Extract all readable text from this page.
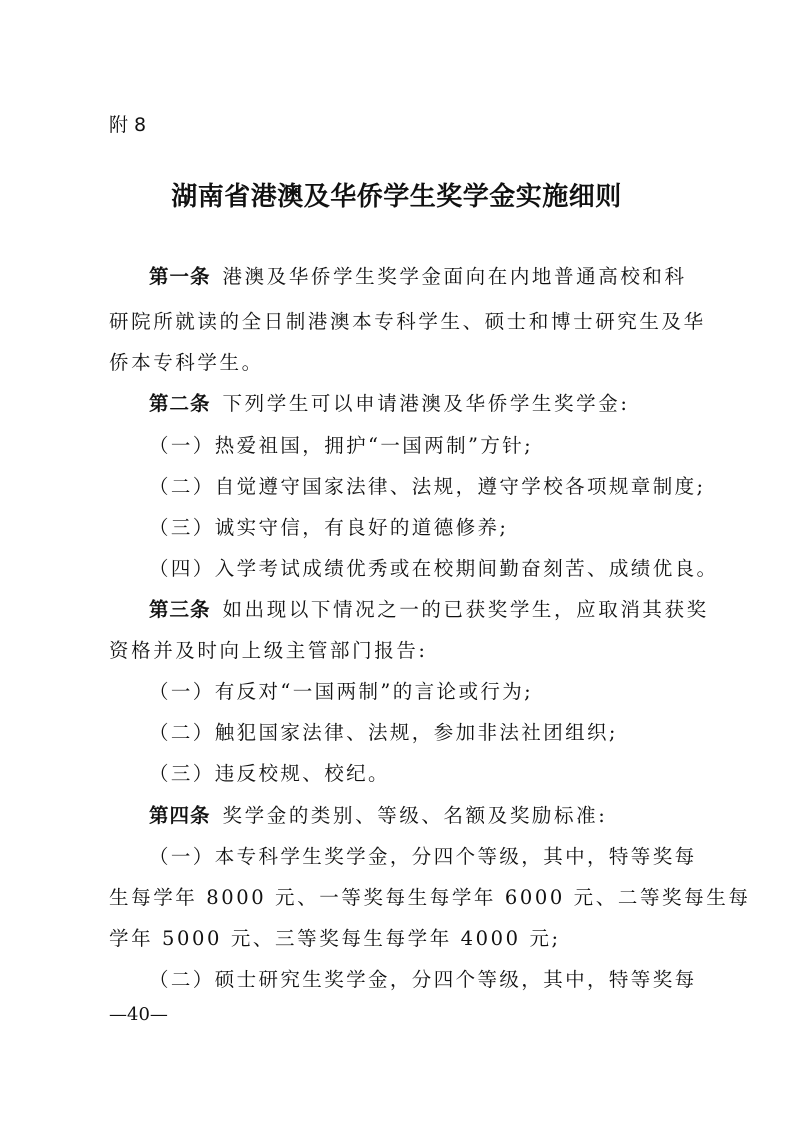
附 8
湖南省港澳及华侨学生奖学金实施细则
第一条 港澳及华侨学生奖学金面向在内地普通高校和科
研院所就读的全日制港澳本专科学生、硕士和博士研究生及华
侨本专科学生。
第二条 下列学生可以申请港澳及华侨学生奖学金:
（一）热爱祖国，拥护“一国两制”方针;
（二）自觉遵守国家法律、法规，遵守学校各项规章制度;
（三）诚实守信，有良好的道德修养;
（四）入学考试成绩优秀或在校期间勤奋刻苦、成绩优良。
第三条 如出现以下情况之一的已获奖学生，应取消其获奖
资格并及时向上级主管部门报告:
（一）有反对“一国两制”的言论或行为;
（二）触犯国家法律、法规，参加非法社团组织;
（三）违反校规、校纪。
第四条 奖学金的类别、等级、名额及奖励标准:
（一）本专科学生奖学金，分四个等级，其中，特等奖每
生每学年 8000 元、一等奖每生每学年 6000 元、二等奖每生每
学年 5000 元、三等奖每生每学年 4000 元;
（二）硕士研究生奖学金，分四个等级，其中，特等奖每
—40—
